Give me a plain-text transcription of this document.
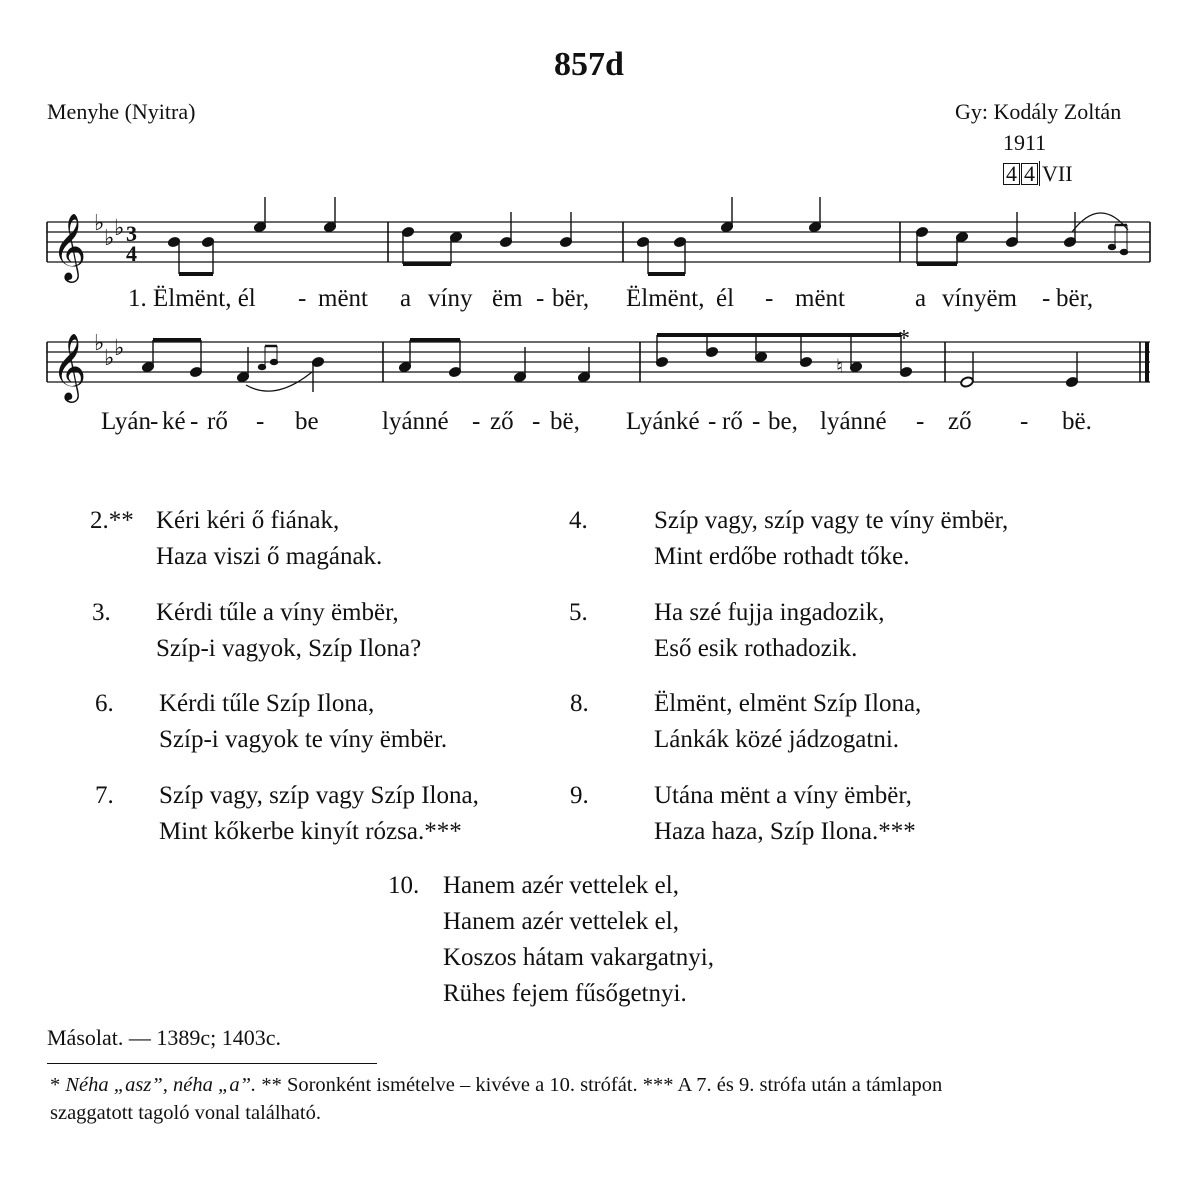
857d
Menyhe (Nyitra)	Gy: Kodály Zoltán
1911
4 4 VII
𝄞
𝄞
♭
♭ ♭
♭
♭ ♭
3
4
♮
*
1. Ëlmënt, él - mënt a víny ëm - bër, Ëlmënt, él - mënt	a vínyëm - bër,
Lyán - ké - rő - be	lyánné - ző - bë, Lyánké - rő - be, lyánné - ző - bë.
2.** Kéri kéri ő fiának,
Haza viszi ő magának.
4.	Szíp vagy, szíp vagy te víny ëmbër,
Mint erdőbe rothadt tőke.
3. Kérdi tűle a víny ëmbër,
Szíp-i vagyok, Szíp Ilona?
5.	Ha szé fujja ingadozik,
Eső esik rothadozik.
6. Kérdi tűle Szíp Ilona,
Szíp-i vagyok te víny ëmbër.
8.	Ëlmënt, elmënt Szíp Ilona,
Lánkák közé jádzogatni.
7. Szíp vagy, szíp vagy Szíp Ilona,
Mint kőkerbe kinyít rózsa.***
9.	Utána mënt a víny ëmbër,
Haza haza, Szíp Ilona.***
10. Hanem azér vettelek el,
Hanem azér vettelek el,
Koszos hátam vakargatnyi,
Rühes fejem fűsőgetnyi.
Másolat. — 1389c; 1403c.
* Néha „asz”, néha „a”. ** Soronként ismételve – kivéve a 10. strófát. *** A 7. és 9. strófa után a támlapon
szaggatott tagoló vonal található.
